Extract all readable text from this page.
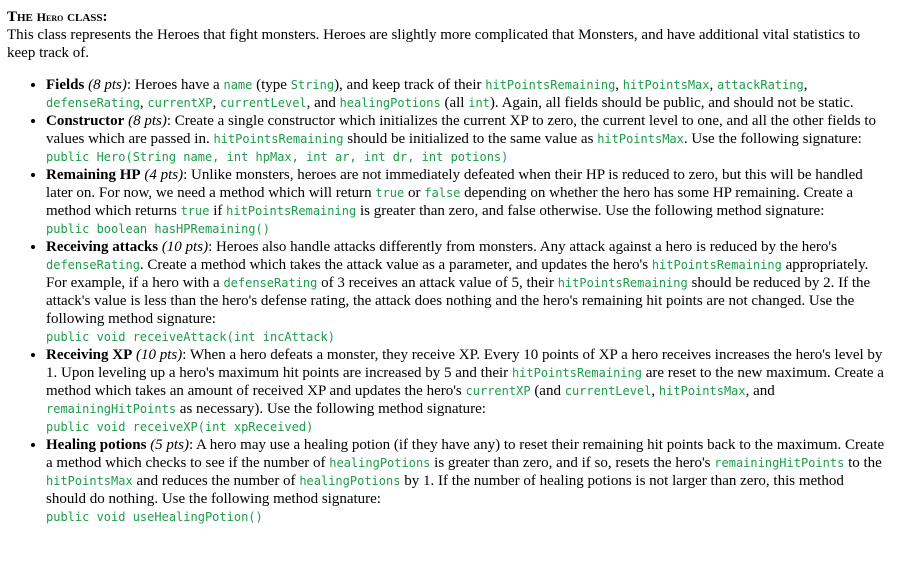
The Hero class:

This class represents the Heroes that fight monsters. Heroes are slightly more complicated that Monsters, and have additional vital statistics to keep track of.

• Fields (8 pts): Heroes have a name (type String), and keep track of their hitPointsRemaining, hitPointsMax, attackRating, defenseRating, currentXP, currentLevel, and healingPotions (all int). Again, all fields should be public, and should not be static.
• Constructor (8 pts): Create a single constructor which initializes the current XP to zero, the current level to one, and all the other fields to values which are passed in. hitPointsRemaining should be initialized to the same value as hitPointsMax. Use the following signature:
public Hero(String name, int hpMax, int ar, int dr, int potions)
• Remaining HP (4 pts): Unlike monsters, heroes are not immediately defeated when their HP is reduced to zero, but this will be handled later on. For now, we need a method which will return true or false depending on whether the hero has some HP remaining. Create a method which returns true if hitPointsRemaining is greater than zero, and false otherwise. Use the following method signature:
public boolean hasHPRemaining()
• Receiving attacks (10 pts): Heroes also handle attacks differently from monsters. Any attack against a hero is reduced by the hero's defenseRating. Create a method which takes the attack value as a parameter, and updates the hero's hitPointsRemaining appropriately. For example, if a hero with a defenseRating of 3 receives an attack value of 5, their hitPointsRemaining should be reduced by 2. If the attack's value is less than the hero's defense rating, the attack does nothing and the hero's remaining hit points are not changed. Use the following method signature:
public void receiveAttack(int incAttack)
• Receiving XP (10 pts): When a hero defeats a monster, they receive XP. Every 10 points of XP a hero receives increases the hero's level by 1. Upon leveling up a hero's maximum hit points are increased by 5 and their hitPointsRemaining are reset to the new maximum. Create a method which takes an amount of received XP and updates the hero's currentXP (and currentLevel, hitPointsMax, and remainingHitPoints as necessary). Use the following method signature:
public void receiveXP(int xpReceived)
• Healing potions (5 pts): A hero may use a healing potion (if they have any) to reset their remaining hit points back to the maximum. Create a method which checks to see if the number of healingPotions is greater than zero, and if so, resets the hero's remainingHitPoints to the hitPointsMax and reduces the number of healingPotions by 1. If the number of healing potions is not larger than zero, this method should do nothing. Use the following method signature:
public void useHealingPotion()
